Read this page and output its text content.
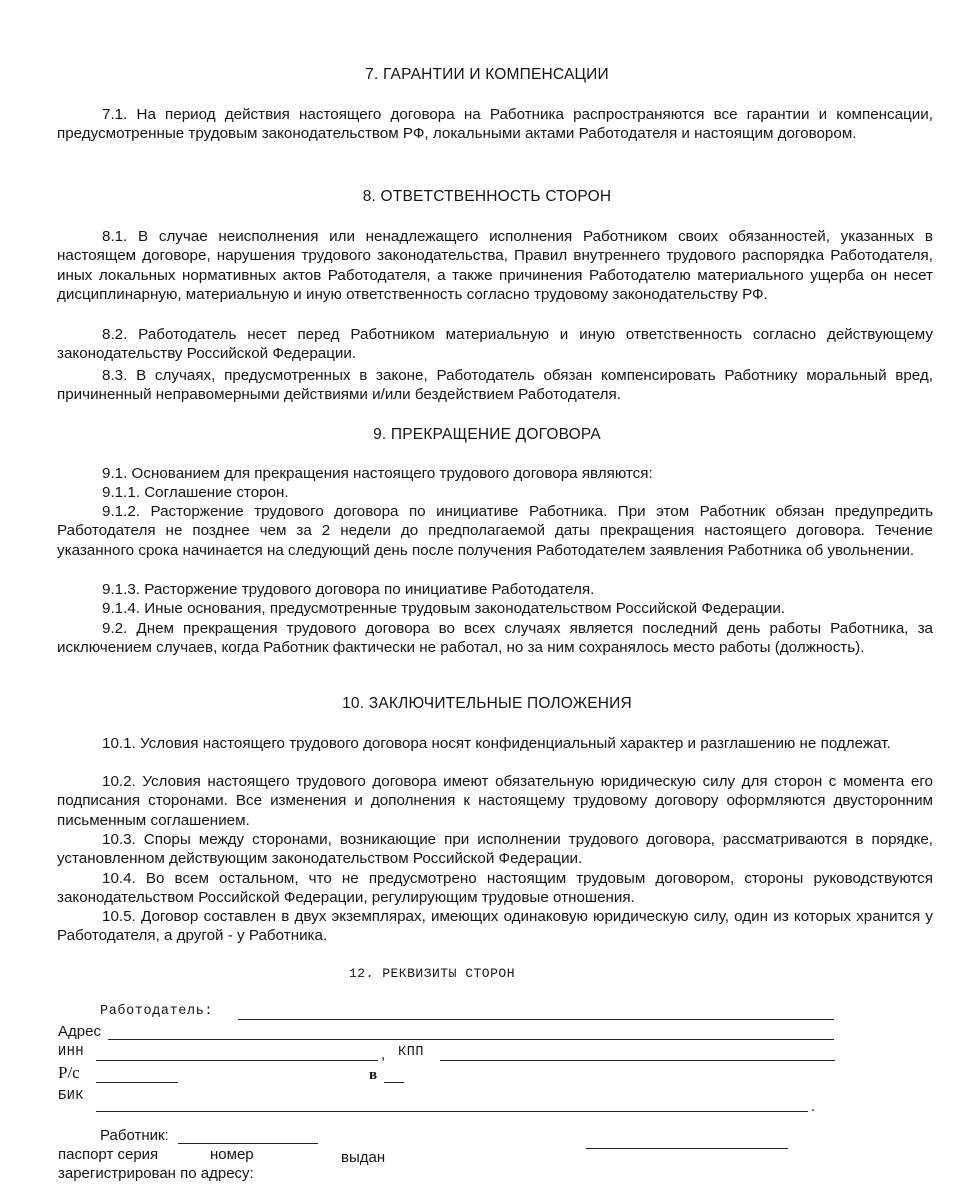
7. ГАРАНТИИ И КОМПЕНСАЦИИ

7.1. На период действия настоящего договора на Работника распространяются все гарантии и компенсации, предусмотренные трудовым законодательством РФ, локальными актами Работодателя и настоящим договором.

8. ОТВЕТСТВЕННОСТЬ СТОРОН

8.1. В случае неисполнения или ненадлежащего исполнения Работником своих обязанностей, указанных в настоящем договоре, нарушения трудового законодательства, Правил внутреннего трудового распорядка Работодателя, иных локальных нормативных актов Работодателя, а также причинения Работодателю материального ущерба он несет дисциплинарную, материальную и иную ответственность согласно трудовому законодательству РФ.

8.2. Работодатель несет перед Работником материальную и иную ответственность согласно действующему законодательству Российской Федерации.

8.3. В случаях, предусмотренных в законе, Работодатель обязан компенсировать Работнику моральный вред, причиненный неправомерными действиями и/или бездействием Работодателя.

9. ПРЕКРАЩЕНИЕ ДОГОВОРА

9.1. Основанием для прекращения настоящего трудового договора являются:

9.1.1. Соглашение сторон.

9.1.2. Расторжение трудового договора по инициативе Работника. При этом Работник обязан предупредить Работодателя не позднее чем за 2 недели до предполагаемой даты прекращения настоящего договора. Течение указанного срока начинается на следующий день после получения Работодателем заявления Работника об увольнении.

9.1.3. Расторжение трудового договора по инициативе Работодателя.

9.1.4. Иные основания, предусмотренные трудовым законодательством Российской Федерации.

9.2. Днем прекращения трудового договора во всех случаях является последний день работы Работника, за исключением случаев, когда Работник фактически не работал, но за ним сохранялось место работы (должность).

10. ЗАКЛЮЧИТЕЛЬНЫЕ ПОЛОЖЕНИЯ

10.1. Условия настоящего трудового договора носят конфиденциальный характер и разглашению не подлежат.

10.2. Условия настоящего трудового договора имеют обязательную юридическую силу для сторон с момента его подписания сторонами. Все изменения и дополнения к настоящему трудовому договору оформляются двусторонним письменным соглашением.

10.3. Споры между сторонами, возникающие при исполнении трудового договора, рассматриваются в порядке, установленном действующим законодательством Российской Федерации.

10.4. Во всем остальном, что не предусмотрено настоящим трудовым договором, стороны руководствуются законодательством Российской Федерации, регулирующим трудовые отношения.

10.5. Договор составлен в двух экземплярах, имеющих одинаковую юридическую силу, один из которых хранится у Работодателя, а другой - у Работника.

12. РЕКВИЗИТЫ СТОРОН
Работодатель:
Адрес
ИНН	, КПП
Р/с	в
БИК
.
Работник:
паспорт серия	номер	выдан
зарегистрирован по адресу:
